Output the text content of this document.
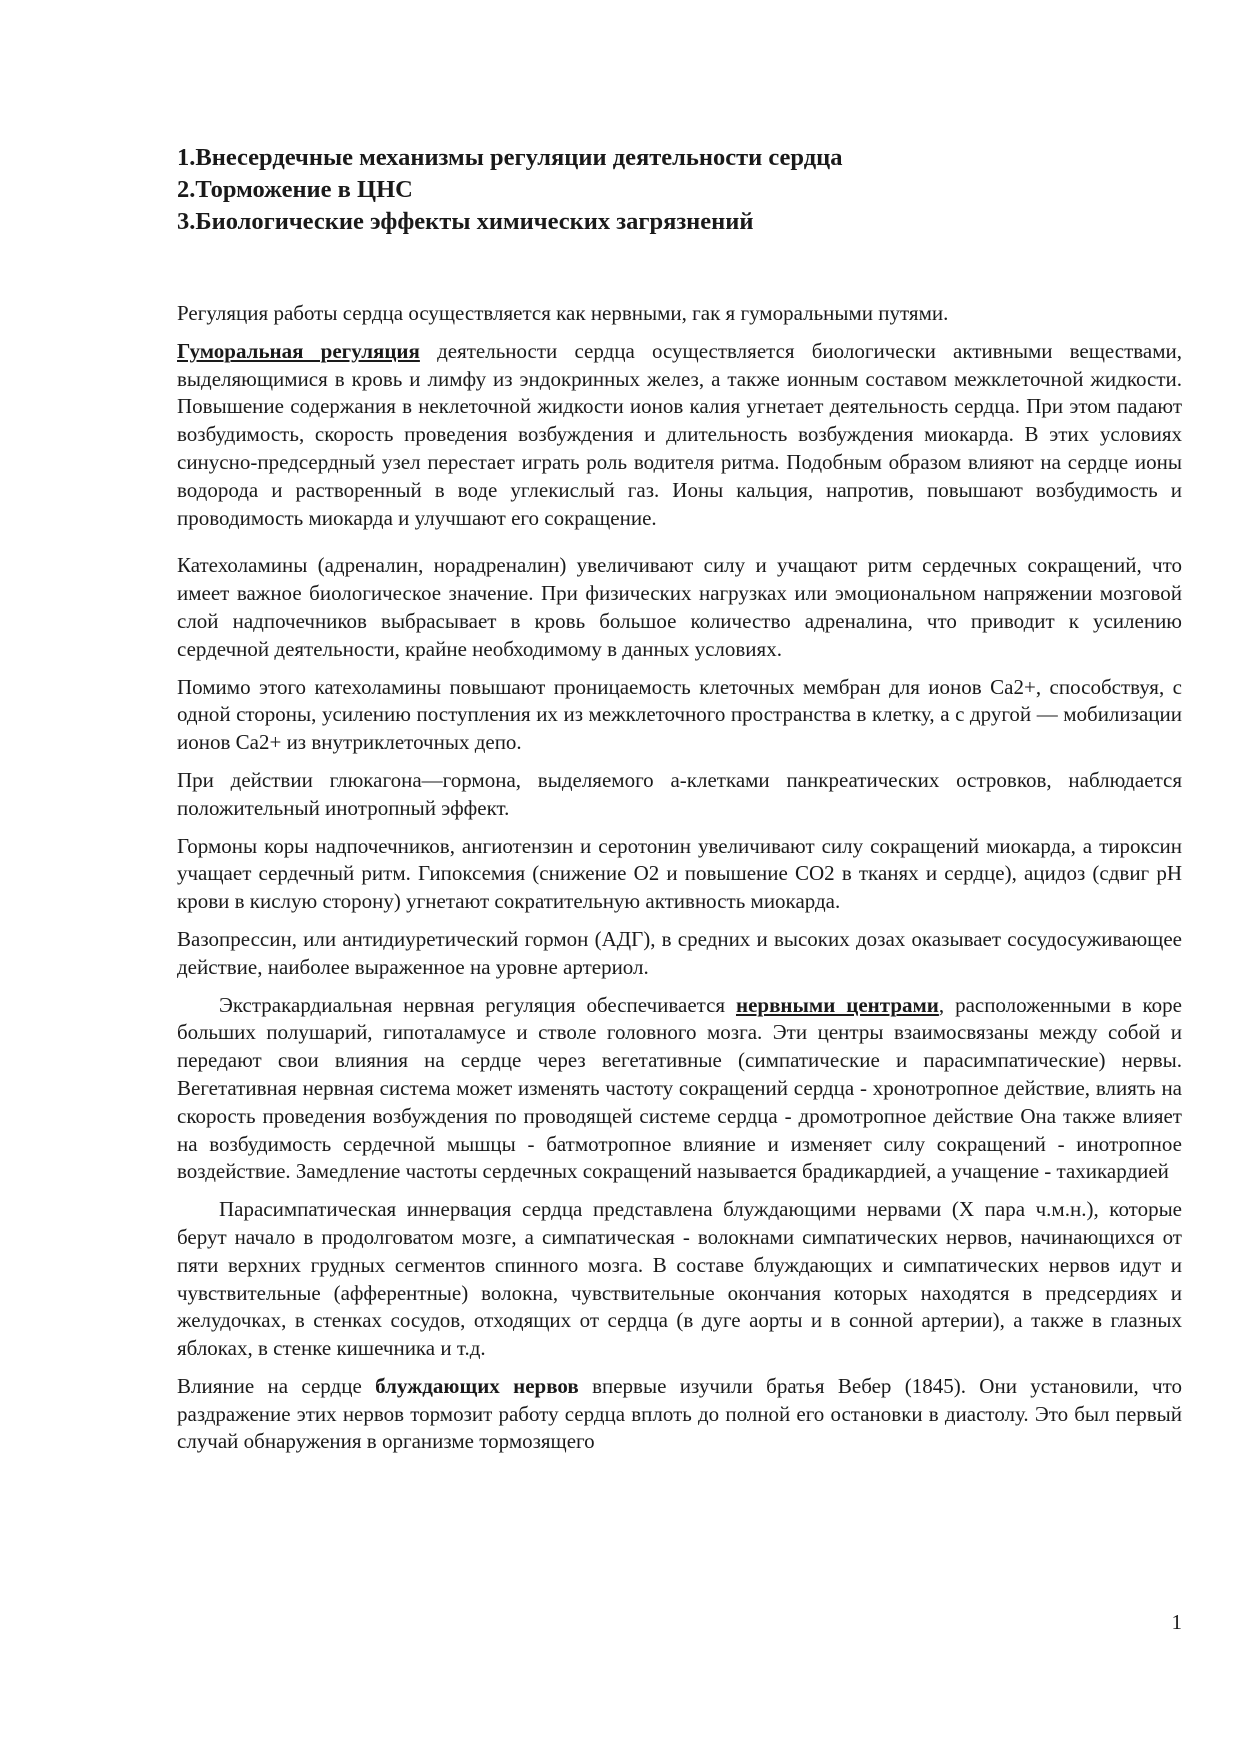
1.Внесердечные механизмы регуляции деятельности сердца
2.Торможение в ЦНС
3.Биологические эффекты химических загрязнений

Регуляция работы сердца осуществляется как нервными, гак я гуморальными путями.

Гуморальная регуляция деятельности сердца осуществляется биологически активными веществами, выделяющимися в кровь и лимфу из эндокринных желез, а также ионным составом межклеточной жидкости. Повышение содержания в неклеточной жидкости ионов калия угнетает деятельность сердца. При этом падают возбудимость, скорость проведения возбуждения и длительность возбуждения миокарда. В этих условиях синусно-предсердный узел перестает играть роль водителя ритма. Подобным образом влияют на сердце ионы водорода и растворенный в воде углекислый газ. Ионы кальция, напротив, повышают возбудимость и проводимость миокарда и улучшают его сокращение.

Катехоламины (адреналин, норадреналин) увеличивают силу и учащают ритм сердечных сокращений, что имеет важное биологическое значение. При физических нагрузках или эмоциональном напряжении мозговой слой надпочечников выбрасывает в кровь большое количество адреналина, что приводит к усилению сердечной деятельности, крайне необходимому в данных условиях.

Помимо этого катехоламины повышают проницаемость клеточных мембран для ионов Са2+, способствуя, с одной стороны, усилению поступления их из межклеточного пространства в клетку, а с другой — мобилизации ионов Са2+ из внутриклеточных депо.

При действии глюкагона—гормона, выделяемого а-клетками панкреатических островков, наблюдается положительный инотропный эффект.

Гормоны коры надпочечников, ангиотензин и серотонин увеличивают силу сокращений миокарда, а тироксин учащает сердечный ритм. Гипоксемия (снижение О2 и повышение СО2 в тканях и сердце), ацидоз (сдвиг рН крови в кислую сторону) угнетают сократительную активность миокарда.

Вазопрессин, или антидиуретический гормон (АДГ), в средних и высоких дозах оказывает сосудосуживающее действие, наиболее выраженное на уровне артериол.

Экстракардиальная нервная регуляция обеспечивается нервными центрами, расположенными в коре больших полушарий, гипоталамусе и стволе головного мозга. Эти центры взаимосвязаны между собой и передают свои влияния на сердце через вегетативные (симпатические и парасимпатические) нервы. Вегетативная нервная система может изменять частоту сокращений сердца - хронотропное действие, влиять на скорость проведения возбуждения по проводящей системе сердца - дромотропное действие Она также влияет на возбудимость сердечной мышцы - батмотропное влияние и изменяет силу сокращений - инотропное воздействие. Замедление частоты сердечных сокращений называется брадикардией, а учащение - тахикардией

Парасимпатическая иннервация сердца представлена блуждающими нервами (X пара ч.м.н.), которые берут начало в продолговатом мозге, а симпатическая - волокнами симпатических нервов, начинающихся от пяти верхних грудных сегментов спинного мозга. В составе блуждающих и симпатических нервов идут и чувствительные (афферентные) волокна, чувствительные окончания которых находятся в предсердиях и желудочках, в стенках сосудов, отходящих от сердца (в дуге аорты и в сонной артерии), а также в глазных яблоках, в стенке кишечника и т.д.

Влияние на сердце блуждающих нервов впервые изучили братья Вебер (1845). Они установили, что раздражение этих нервов тормозит работу сердца вплоть до полной его остановки в диастолу. Это был первый случай обнаружения в организме тормозящего

1
